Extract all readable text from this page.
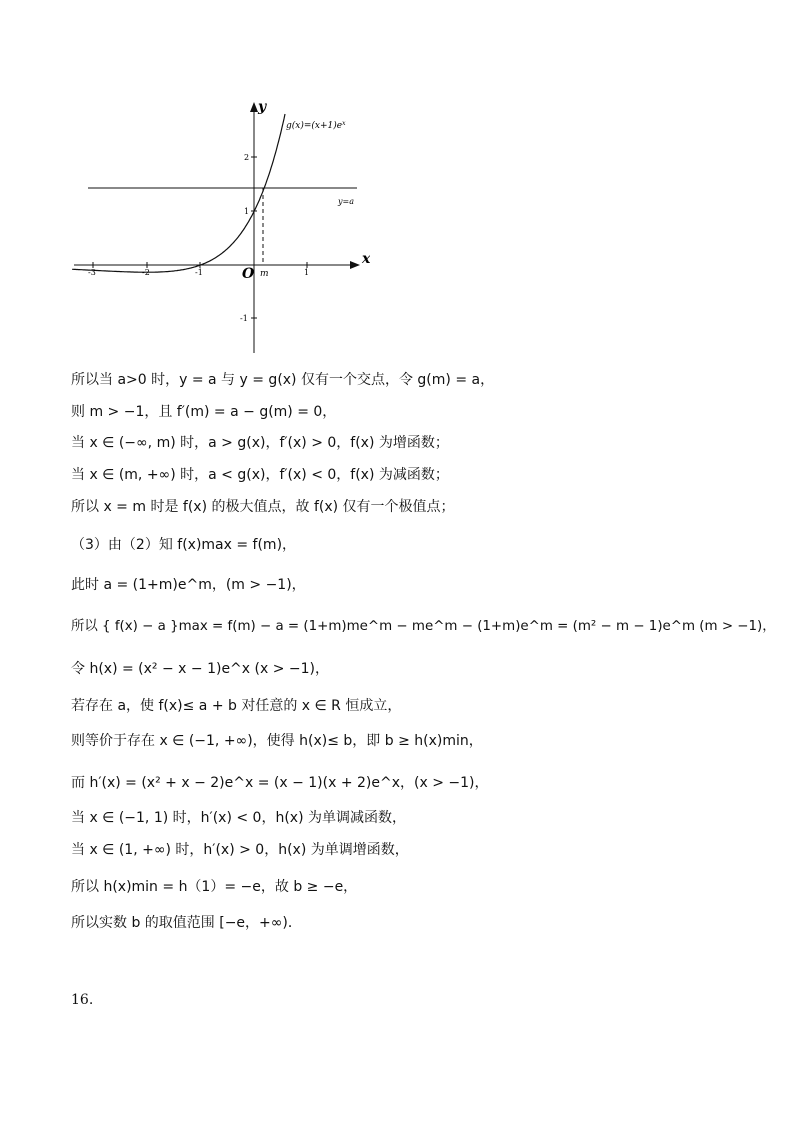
x
y
O
$g(x)=(x+1)e^x$
y=a
m
-3	-2	-1	1
2
1
-1
所以当 a>0 时，y = a 与 y = g(x) 仅有一个交点，令 g(m) = a，
则 m > −1，且 f′(m) = a − g(m) = 0，
当 x ∈ (−∞, m) 时，a > g(x)，f′(x) > 0，f(x) 为增函数；
当 x ∈ (m, +∞) 时，a < g(x)，f′(x) < 0，f(x) 为减函数；
所以 x = m 时是 f(x) 的极大值点，故 f(x) 仅有一个极值点；
（3）由（2）知 f(x)max = f(m)，
此时 a = (1+m)e^m，(m > −1)，
所以 { f(x) − a }max = f(m) − a = (1+m)me^m − me^m − (1+m)e^m = (m² − m − 1)e^m (m > −1)，
令 h(x) = (x² − x − 1)e^x (x > −1)，
若存在 a，使 f(x)≤ a + b 对任意的 x ∈ R 恒成立，
则等价于存在 x ∈ (−1, +∞)，使得 h(x)≤ b，即 b ≥ h(x)min，
而 h′(x) = (x² + x − 2)e^x = (x − 1)(x + 2)e^x，(x > −1)，
当 x ∈ (−1, 1) 时，h′(x) < 0，h(x) 为单调减函数，
当 x ∈ (1, +∞) 时，h′(x) > 0，h(x) 为单调增函数，
所以 h(x)min = h（1）= −e，故 b ≥ −e，
所以实数 b 的取值范围 [−e，+∞)．
16.
